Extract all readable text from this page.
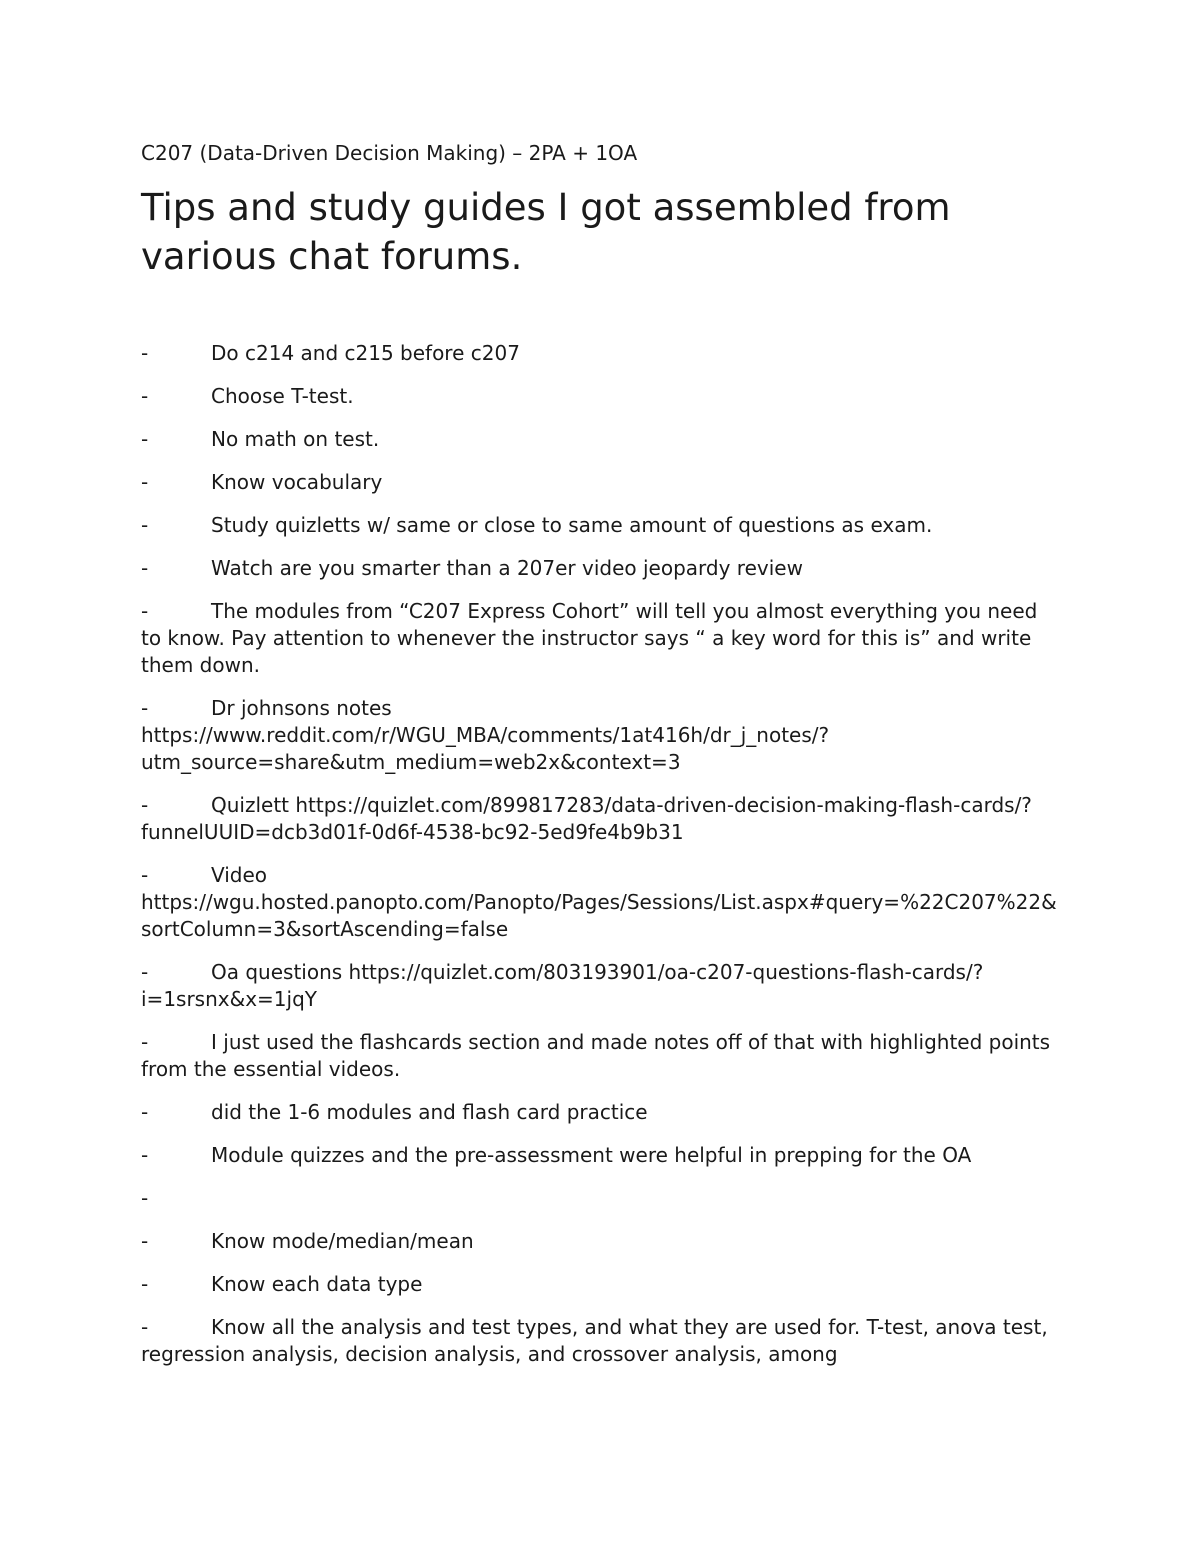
C207 (Data-Driven Decision Making) – 2PA + 1OA

Tips and study guides I got assembled from various chat forums.
-	Do c214 and c215 before c207
-	Choose T-test.
-	No math on test.
-	Know vocabulary
-	Study quizletts w/ same or close to same amount of questions as exam.
-	Watch are you smarter than a 207er video jeopardy review
-	The modules from “C207 Express Cohort” will tell you almost everything you need to know. Pay attention to whenever the instructor says “ a key word for this is” and write them down.
-	Dr johnsons notes https://www.reddit.com/r/WGU_MBA/comments/1at416h/dr_j_notes/?utm_source=share&utm_medium=web2x&context=3
-	Quizlett https://quizlet.com/899817283/data-driven-decision-making-flash-cards/?funnelUUID=dcb3d01f-0d6f-4538-bc92-5ed9fe4b9b31
-	Video https://wgu.hosted.panopto.com/Panopto/Pages/Sessions/List.aspx#query=%22C207%22&sortColumn=3&sortAscending=false
-	Oa questions https://quizlet.com/803193901/oa-c207-questions-flash-cards/?i=1srsnx&x=1jqY
-	I just used the flashcards section and made notes off of that with highlighted points from the essential videos.
-	did the 1-6 modules and flash card practice
-	Module quizzes and the pre-assessment were helpful in prepping for the OA
-
-	Know mode/median/mean
-	Know each data type
-	Know all the analysis and test types, and what they are used for. T-test, anova test, regression analysis, decision analysis, and crossover analysis, among
